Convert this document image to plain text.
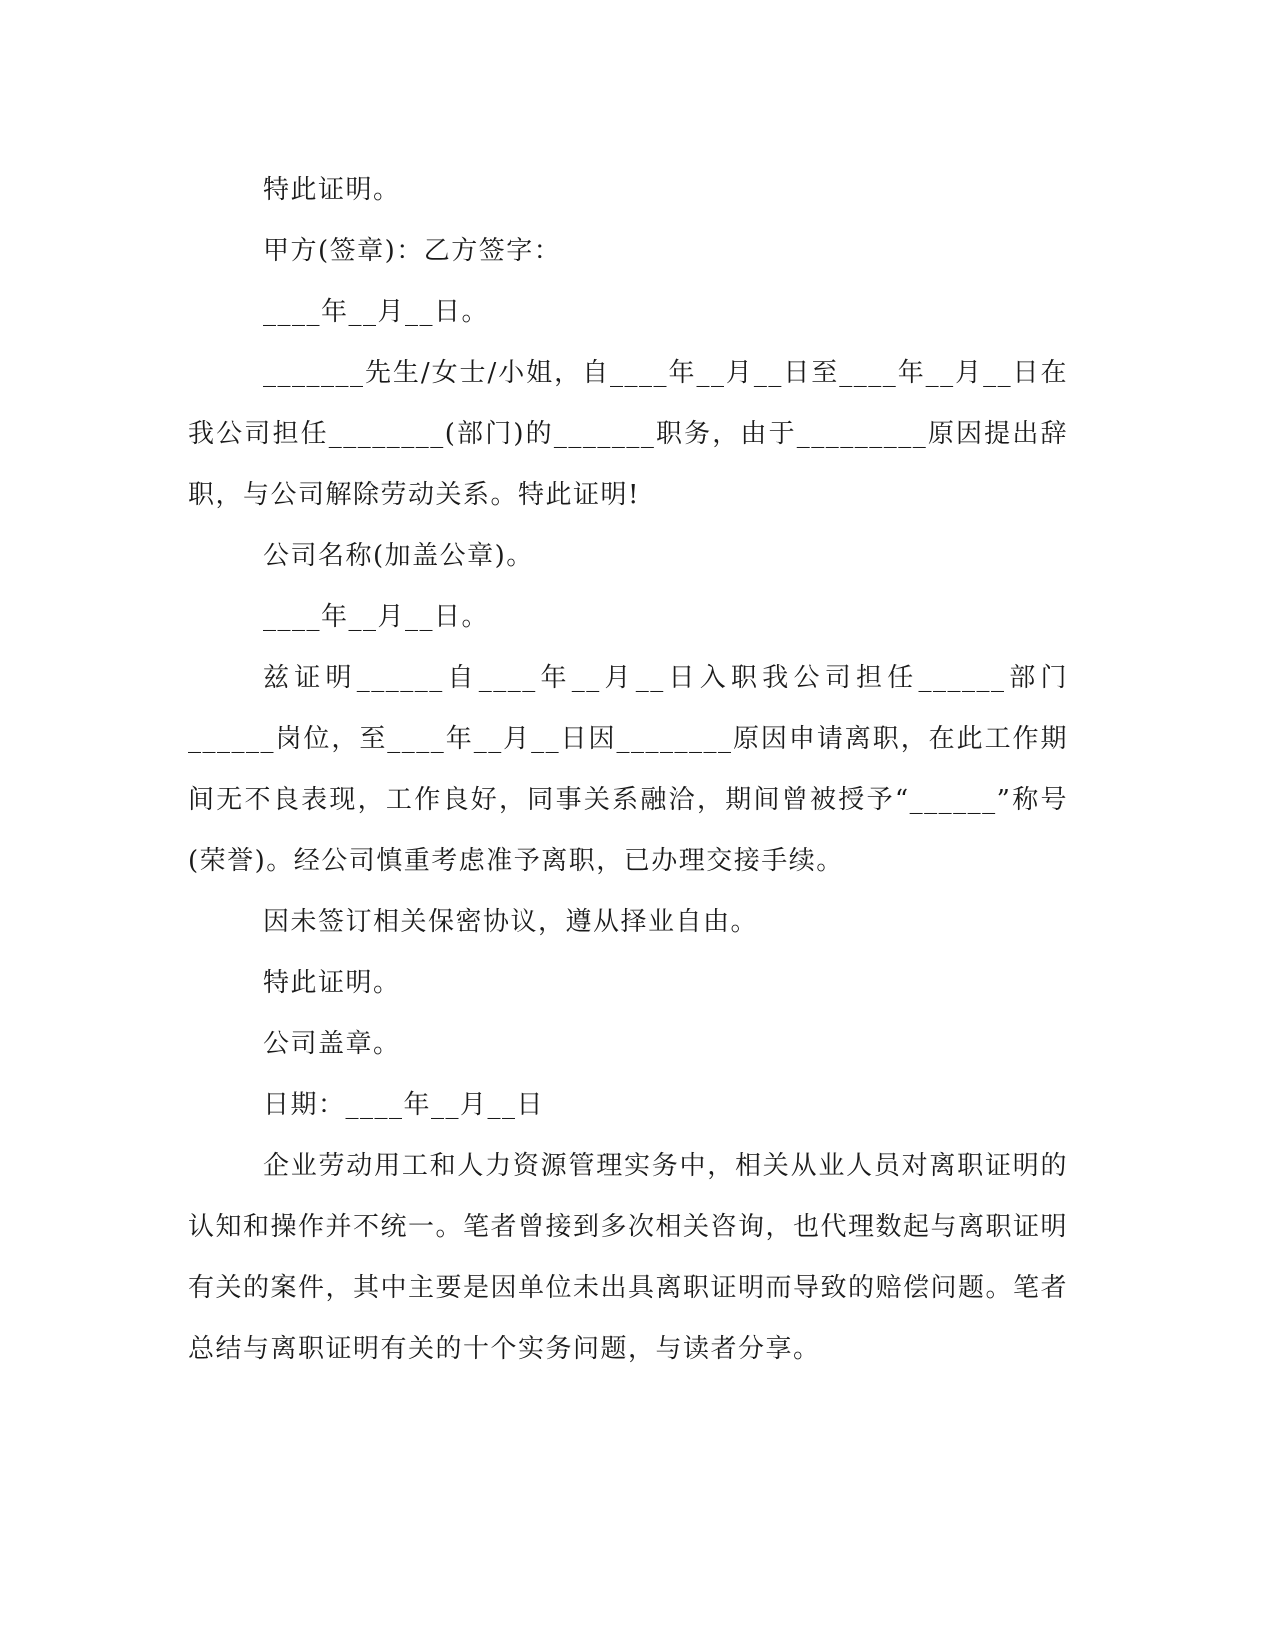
特此证明。

甲方(签章)：乙方签字：

____年__月__日。

_______先生/女士/小姐，自____年__月__日至____年__月__日在我公司担任________(部门)的_______职务，由于_________原因提出辞职，与公司解除劳动关系。特此证明!

公司名称(加盖公章)。

____年__月__日。

兹证明______自____年__月__日入职我公司担任______部门______岗位，至____年__月__日因________原因申请离职，在此工作期间无不良表现，工作良好，同事关系融洽，期间曾被授予“______”称号(荣誉)。经公司慎重考虑准予离职，已办理交接手续。

因未签订相关保密协议，遵从择业自由。

特此证明。

公司盖章。

日期：____年__月__日

企业劳动用工和人力资源管理实务中，相关从业人员对离职证明的认知和操作并不统一。笔者曾接到多次相关咨询，也代理数起与离职证明有关的案件，其中主要是因单位未出具离职证明而导致的赔偿问题。笔者总结与离职证明有关的十个实务问题，与读者分享。
